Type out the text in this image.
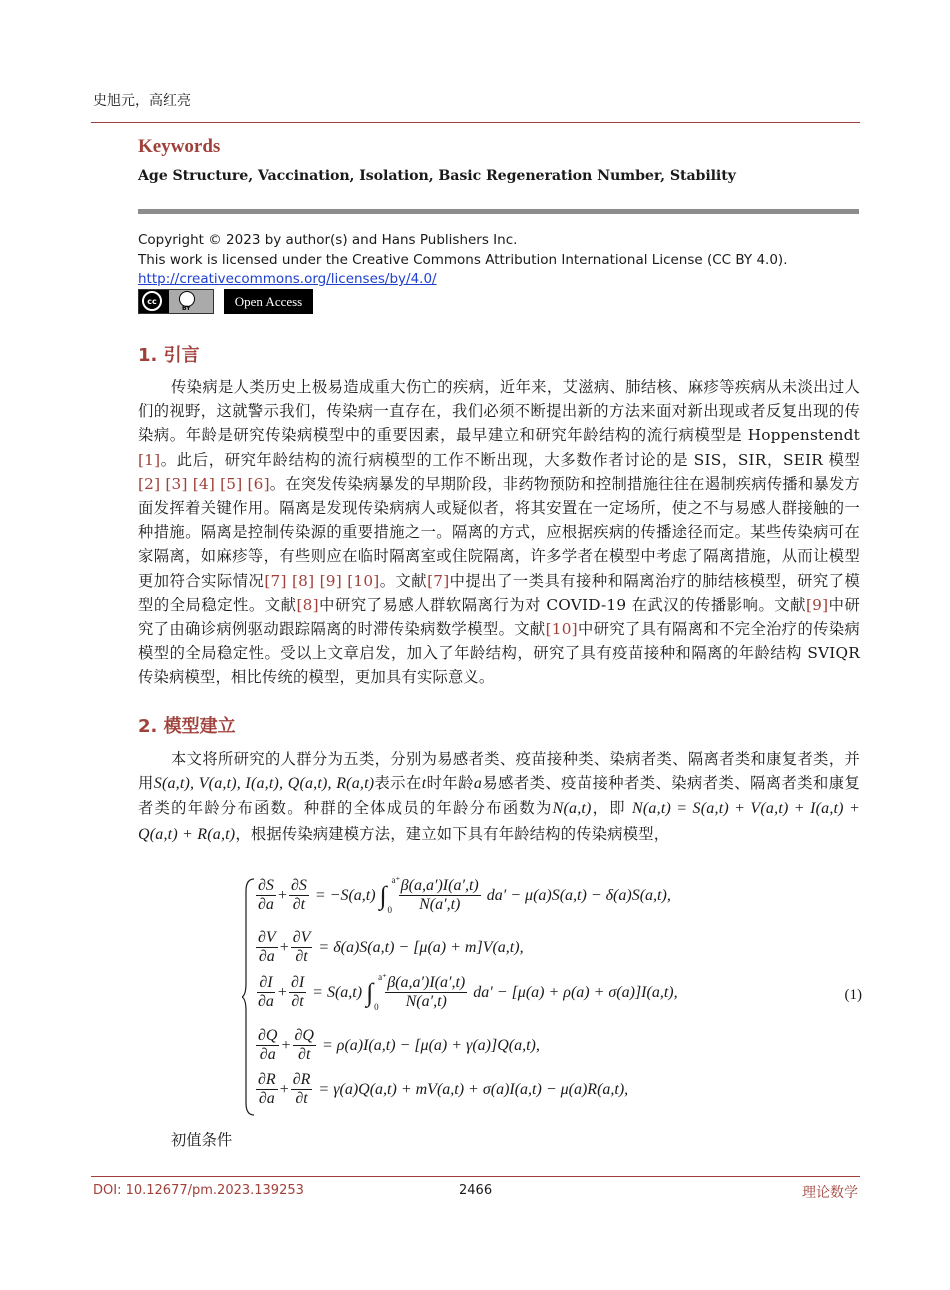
史旭元，高红亮
Keywords
Age Structure, Vaccination, Isolation, Basic Regeneration Number, Stability
Copyright © 2023 by author(s) and Hans Publishers Inc.
This work is licensed under the Creative Commons Attribution International License (CC BY 4.0).
http://creativecommons.org/licenses/by/4.0/
cc
BY	Open Access
1. 引言
传染病是人类历史上极易造成重大伤亡的疾病，近年来，艾滋病、肺结核、麻疹等疾病从未淡出过人们的视野，这就警示我们，传染病一直存在，我们必须不断提出新的方法来面对新出现或者反复出现的传染病。年龄是研究传染病模型中的重要因素，最早建立和研究年龄结构的流行病模型是 Hoppenstendt [1]。此后，研究年龄结构的流行病模型的工作不断出现，大多数作者讨论的是 SIS，SIR，SEIR 模型[2] [3] [4] [5] [6]。在突发传染病暴发的早期阶段，非药物预防和控制措施往往在遏制疾病传播和暴发方面发挥着关键作用。隔离是发现传染病病人或疑似者，将其安置在一定场所，使之不与易感人群接触的一种措施。隔离是控制传染源的重要措施之一。隔离的方式，应根据疾病的传播途径而定。某些传染病可在家隔离，如麻疹等，有些则应在临时隔离室或住院隔离，许多学者在模型中考虑了隔离措施，从而让模型更加符合实际情况[7] [8] [9] [10]。文献[7]中提出了一类具有接种和隔离治疗的肺结核模型，研究了模型的全局稳定性。文献[8]中研究了易感人群软隔离行为对 COVID-19 在武汉的传播影响。文献[9]中研究了由确诊病例驱动跟踪隔离的时滞传染病数学模型。文献[10]中研究了具有隔离和不完全治疗的传染病模型的全局稳定性。受以上文章启发，加入了年龄结构，研究了具有疫苗接种和隔离的年龄结构 SVIQR 传染病模型，相比传统的模型，更加具有实际意义。
2. 模型建立
本文将所研究的人群分为五类，分别为易感者类、疫苗接种类、染病者类、隔离者类和康复者类，并用S(a,t), V(a,t), I(a,t), Q(a,t), R(a,t)表示在t时年龄a易感者类、疫苗接种者类、染病者类、隔离者类和康复者类的年龄分布函数。种群的全体成员的年龄分布函数为N(a,t)，即 N(a,t) = S(a,t) + V(a,t) + I(a,t) + Q(a,t) + R(a,t)，根据传染病建模方法，建立如下具有年龄结构的传染病模型，
$\frac{\partial S}{\partial a} + \frac{\partial S}{\partial t} = -S(a,t)$ ∫
a⁺
$0 \frac{\beta(a,a')I(a',t)}{N(a',t)} da' - \mu(a)S(a,t) - \delta(a)S(a,t)$,
$\frac{\partial V}{\partial a} + \frac{\partial V}{\partial t} = \delta(a)S(a,t) - [\mu(a) + m]V(a,t)$,
$\frac{\partial I}{\partial a} + \frac{\partial I}{\partial t} = S(a,t)$ ∫
a⁺
$0 \frac{\beta(a,a')I(a',t)}{N(a',t)} da' - [\mu(a) + \rho(a) + \sigma(a)]I(a,t)$,
$\frac{\partial Q}{\partial a} + \frac{\partial Q}{\partial t} = \rho(a)I(a,t) - [\mu(a) + \gamma(a)]Q(a,t)$,
$\frac{\partial R}{\partial a} + \frac{\partial R}{\partial t} = \gamma(a)Q(a,t) + mV(a,t) + \sigma(a)I(a,t) - \mu(a)R(a,t)$,
(1)
初值条件
DOI: 10.12677/pm.2023.139253	2466	理论数学
